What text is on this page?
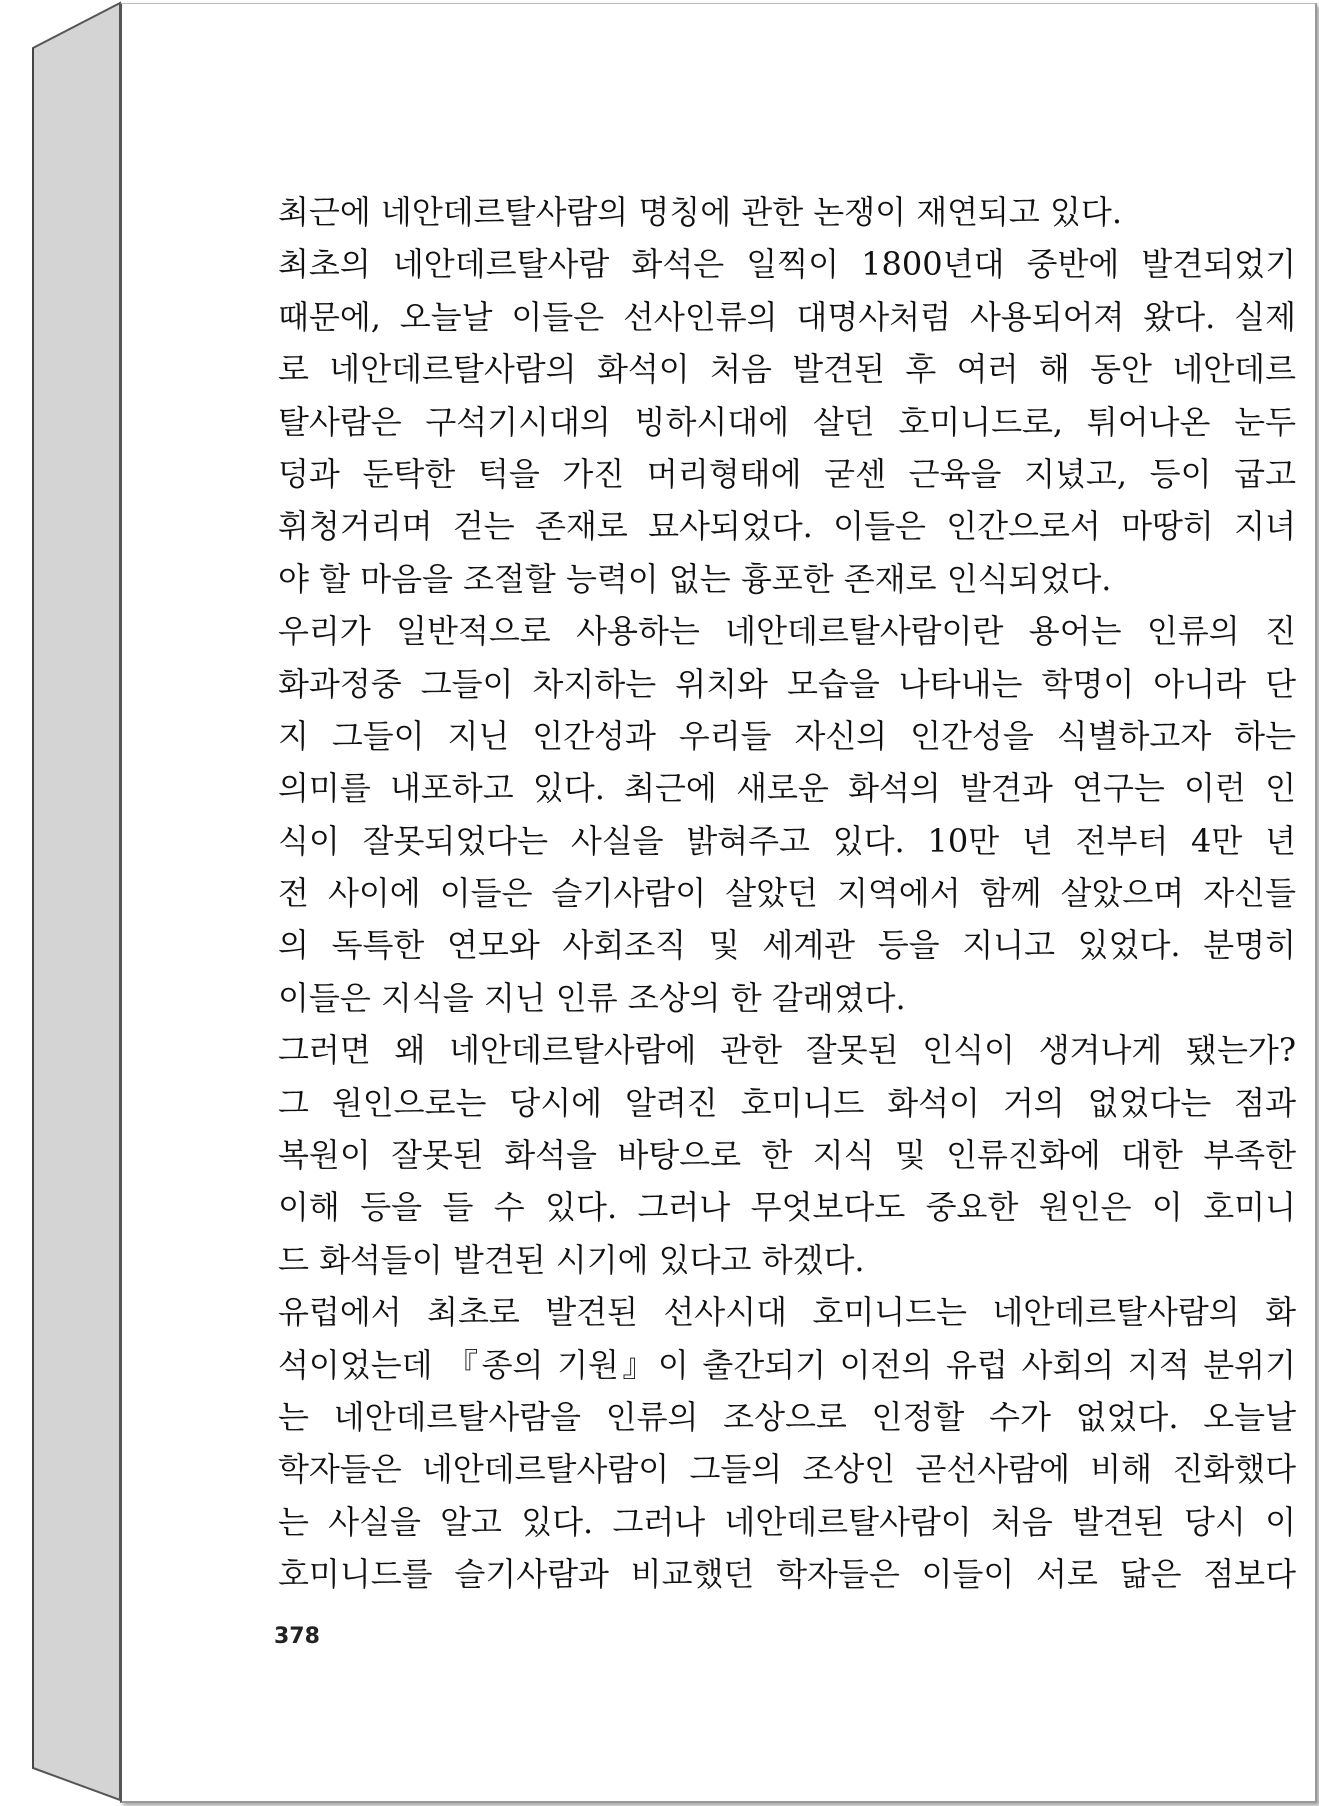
최근에 네안데르탈사람의 명칭에 관한 논쟁이 재연되고 있다.
최초의 네안데르탈사람 화석은 일찍이 1800년대 중반에 발견되었기
때문에, 오늘날 이들은 선사인류의 대명사처럼 사용되어져 왔다. 실제
로 네안데르탈사람의 화석이 처음 발견된 후 여러 해 동안 네안데르
탈사람은 구석기시대의 빙하시대에 살던 호미니드로, 튀어나온 눈두
덩과 둔탁한 턱을 가진 머리형태에 굳센 근육을 지녔고, 등이 굽고
휘청거리며 걷는 존재로 묘사되었다. 이들은 인간으로서 마땅히 지녀
야 할 마음을 조절할 능력이 없는 흉포한 존재로 인식되었다.
우리가 일반적으로 사용하는 네안데르탈사람이란 용어는 인류의 진
화과정중 그들이 차지하는 위치와 모습을 나타내는 학명이 아니라 단
지 그들이 지닌 인간성과 우리들 자신의 인간성을 식별하고자 하는
의미를 내포하고 있다. 최근에 새로운 화석의 발견과 연구는 이런 인
식이 잘못되었다는 사실을 밝혀주고 있다. 10만 년 전부터 4만 년
전 사이에 이들은 슬기사람이 살았던 지역에서 함께 살았으며 자신들
의 독특한 연모와 사회조직 및 세계관 등을 지니고 있었다. 분명히
이들은 지식을 지닌 인류 조상의 한 갈래였다.
그러면 왜 네안데르탈사람에 관한 잘못된 인식이 생겨나게 됐는가?
그 원인으로는 당시에 알려진 호미니드 화석이 거의 없었다는 점과
복원이 잘못된 화석을 바탕으로 한 지식 및 인류진화에 대한 부족한
이해 등을 들 수 있다. 그러나 무엇보다도 중요한 원인은 이 호미니
드 화석들이 발견된 시기에 있다고 하겠다.
유럽에서 최초로 발견된 선사시대 호미니드는 네안데르탈사람의 화
석이었는데 『종의 기원』이 출간되기 이전의 유럽 사회의 지적 분위기
는 네안데르탈사람을 인류의 조상으로 인정할 수가 없었다. 오늘날
학자들은 네안데르탈사람이 그들의 조상인 곧선사람에 비해 진화했다
는 사실을 알고 있다. 그러나 네안데르탈사람이 처음 발견된 당시 이
호미니드를 슬기사람과 비교했던 학자들은 이들이 서로 닮은 점보다
378
